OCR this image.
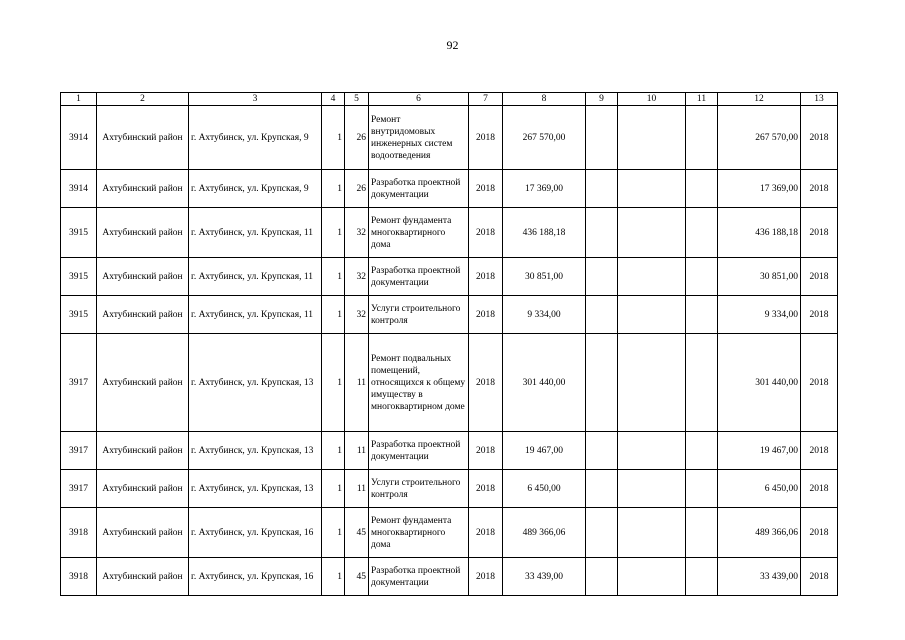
92
1	2	3	4	5	6	7	8	9	10	11	12	13
3914	Ахтубинский район	г. Ахтубинск, ул. Крупская, 9	1	26	Ремонт внутридомовых инженерных систем водоотведения	2018	267 570,00				267 570,00	2018
3914	Ахтубинский район	г. Ахтубинск, ул. Крупская, 9	1	26	Разработка проектной документации	2018	17 369,00				17 369,00	2018
3915	Ахтубинский район	г. Ахтубинск, ул. Крупская, 11	1	32	Ремонт фундамента многоквартирного дома	2018	436 188,18				436 188,18	2018
3915	Ахтубинский район	г. Ахтубинск, ул. Крупская, 11	1	32	Разработка проектной документации	2018	30 851,00				30 851,00	2018
3915	Ахтубинский район	г. Ахтубинск, ул. Крупская, 11	1	32	Услуги строительного контроля	2018	9 334,00				9 334,00	2018
3917	Ахтубинский район	г. Ахтубинск, ул. Крупская, 13	1	11	Ремонт подвальных помещений, относящихся к общему имуществу в многоквартирном доме	2018	301 440,00				301 440,00	2018
3917	Ахтубинский район	г. Ахтубинск, ул. Крупская, 13	1	11	Разработка проектной документации	2018	19 467,00				19 467,00	2018
3917	Ахтубинский район	г. Ахтубинск, ул. Крупская, 13	1	11	Услуги строительного контроля	2018	6 450,00				6 450,00	2018
3918	Ахтубинский район	г. Ахтубинск, ул. Крупская, 16	1	45	Ремонт фундамента многоквартирного дома	2018	489 366,06				489 366,06	2018
3918	Ахтубинский район	г. Ахтубинск, ул. Крупская, 16	1	45	Разработка проектной документации	2018	33 439,00				33 439,00	2018
